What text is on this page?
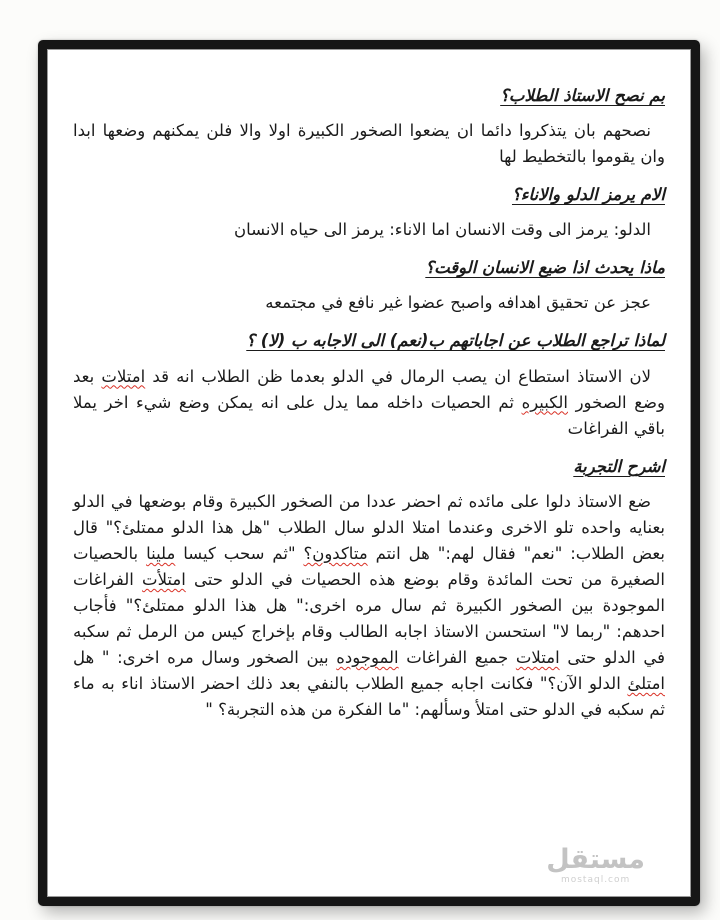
بم نصح الاستاذ الطلاب؟
نصحهم بان يتذكروا دائما ان يضعوا الصخور الكبيرة اولا والا فلن يمكنهم وضعها ابدا وان يقوموا بالتخطيط لها
الام يرمز الدلو والاناء؟
الدلو: يرمز الى وقت الانسان اما الاناء: يرمز الى حياه الانسان
ماذا يحدث اذا ضيع الانسان الوقت؟
عجز عن تحقيق اهدافه واصبح عضوا غير نافع في مجتمعه
لماذا تراجع الطلاب عن اجاباتهم ب(نعم) الى الاجابه ب (لا) ؟
لان الاستاذ استطاع ان يصب الرمال في الدلو بعدما ظن الطلاب انه قد امتلات بعد وضع الصخور الكبيره ثم الحصيات داخله مما يدل على انه يمكن وضع شيء اخر يملا باقي الفراغات
اشرح التجربة
ضع الاستاذ دلوا على مائده ثم احضر عددا من الصخور الكبيرة وقام بوضعها في الدلو بعنايه واحده تلو الاخرى وعندما امتلا الدلو سال الطلاب "هل هذا الدلو ممتلئ؟" قال بعض الطلاب: "نعم" فقال لهم:" هل انتم متاكدون؟ "ثم سحب كيسا ملينا بالحصيات الصغيرة من تحت المائدة وقام بوضع هذه الحصيات في الدلو حتى امتلأت الفراغات الموجودة بين الصخور الكبيرة ثم سال مره اخرى:" هل هذا الدلو ممتلئ؟" فأجاب احدهم: "ربما لا" استحسن الاستاذ اجابه الطالب وقام بإخراج كيس من الرمل ثم سكبه في الدلو حتى امتلات جميع الفراغات الموجوده بين الصخور وسال مره اخرى: " هل امتلئ الدلو الآن؟" فكانت اجابه جميع الطلاب بالنفي بعد ذلك احضر الاستاذ اناء به ماء ثم سكبه في الدلو حتى امتلأ وسألهم: "ما الفكرة من هذه التجربة؟ "
مستقل
mostaql.com
